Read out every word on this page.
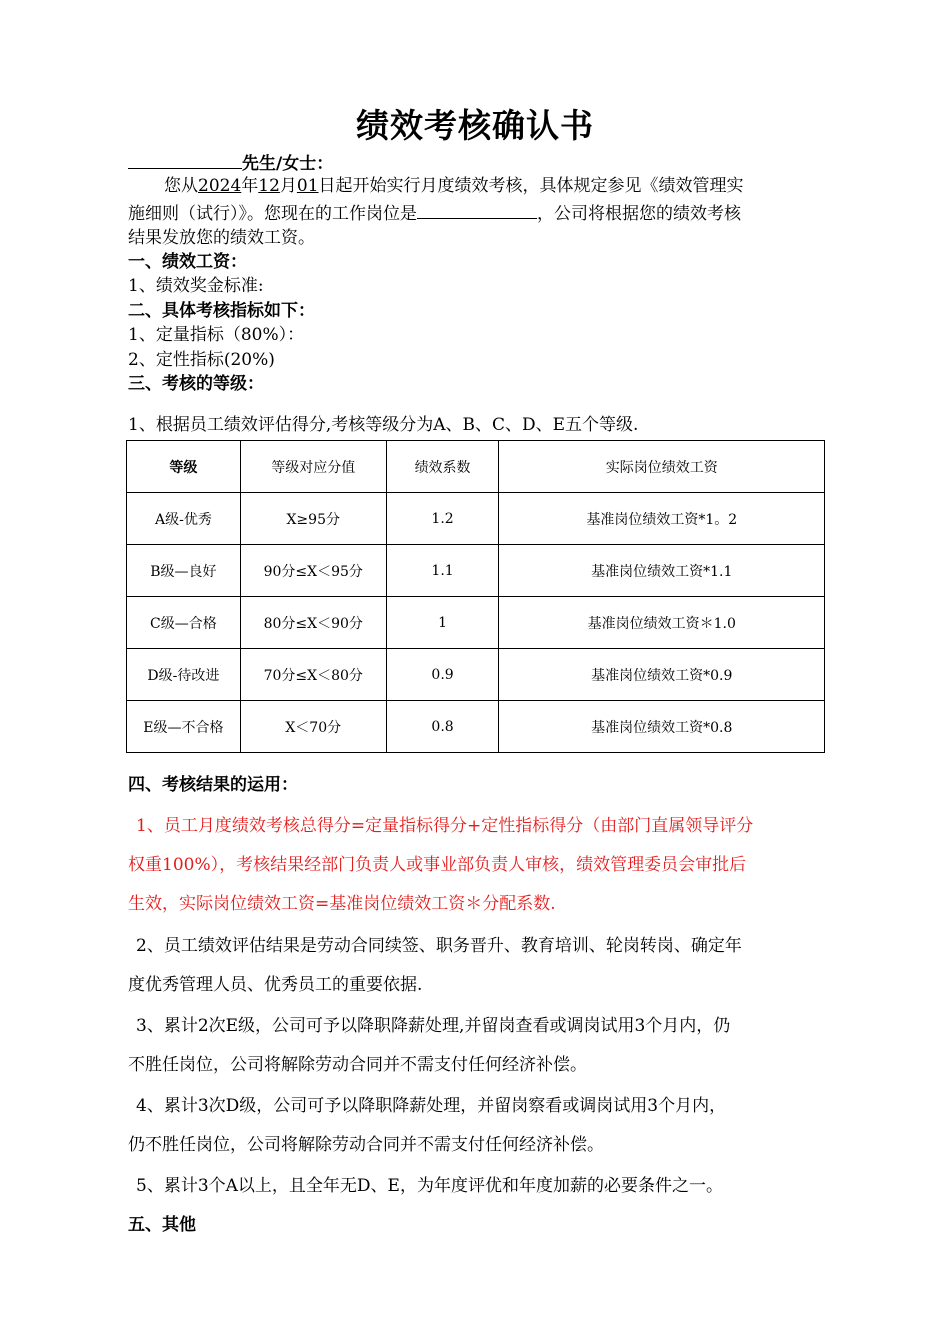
绩效考核确认书
先生/女士：
您从2024年12月01日起开始实行月度绩效考核，具体规定参见《绩效管理实
施细则（试行）》。您现在的工作岗位是	，公司将根据您的绩效考核
结果发放您的绩效工资。
一、绩效工资：
1、绩效奖金标准:
二、具体考核指标如下：
1、定量指标（80%）：
2、定性指标(20%)
三、考核的等级：
1、根据员工绩效评估得分,考核等级分为A、B、C、D、E五个等级.
等级	等级对应分值	绩效系数	实际岗位绩效工资
A级-优秀	X≥95分	1.2	基准岗位绩效工资*1。2
B级—良好	90分≤X＜95分	1.1	基准岗位绩效工资*1.1
C级—合格	80分≤X＜90分	1	基准岗位绩效工资＊1.0
D级-待改进	70分≤X＜80分	0.9	基准岗位绩效工资*0.9
E级—不合格	X＜70分	0.8	基准岗位绩效工资*0.8
四、考核结果的运用：
1、员工月度绩效考核总得分=定量指标得分+定性指标得分（由部门直属领导评分
权重100%），考核结果经部门负责人或事业部负责人审核，绩效管理委员会审批后
生效，实际岗位绩效工资=基准岗位绩效工资＊分配系数.
2、员工绩效评估结果是劳动合同续签、职务晋升、教育培训、轮岗转岗、确定年
度优秀管理人员、优秀员工的重要依据.
3、累计2次E级，公司可予以降职降薪处理,并留岗查看或调岗试用3个月内，仍
不胜任岗位，公司将解除劳动合同并不需支付任何经济补偿。
4、累计3次D级，公司可予以降职降薪处理，并留岗察看或调岗试用3个月内，
仍不胜任岗位，公司将解除劳动合同并不需支付任何经济补偿。
5、累计3个A以上，且全年无D、E，为年度评优和年度加薪的必要条件之一。
五、其他
